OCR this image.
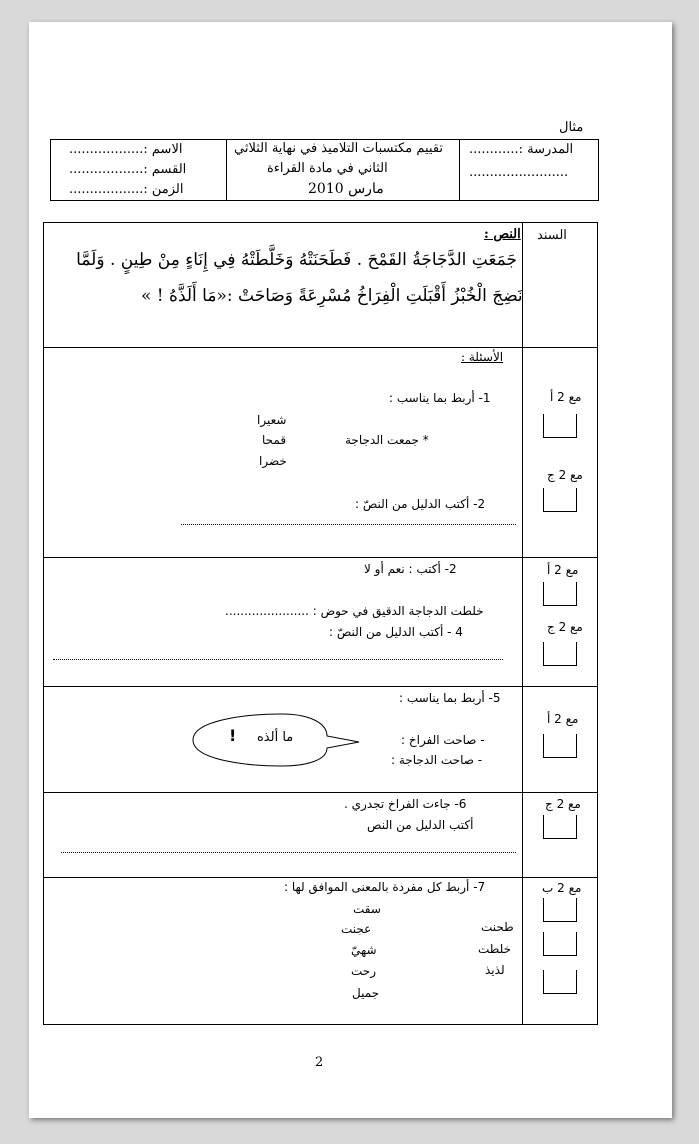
مثال
المدرسة :............
........................
تقييم مكتسبات التلاميذ في نهاية الثلاثي
الثاني في مادة القراءة
مارس 2010
الاسم :..................
القسم :..................
الزمن :..................
السند
النص :
جَمَعَتِ الدَّجَاجَةُ القَمْحَ . فَطَحَنَتْهُ وَخَلَّطَتْهُ فِي إِنَاءٍ مِنْ طِينٍ . وَلَمَّا
نَضِجَ الْخُبْزُ أَقْبَلَتِ الْفِرَاخُ مُسْرِعَةً وَصَاحَتْ :«مَا أَلَذَّهُ ! »
الأسئلة :
1- أربط بما يناسب :
شعيرا
* جمعت الدجاجة
قمحا
خضرا
2- أكتب الدليل من النصّ :
مع 2 أ
مع 2 ج
2- أكتب : نعم أو لا
خلطت الدجاجة الدقيق في حوض : ......................
4 - أكتب الدليل من النصّ :
مع 2 أ
مع 2 ج
5- أربط بما يناسب :
ما ألذه
!	- صاحت الفراخ :
- صاحت الدجاجة :
مع 2 أ
6- جاءت الفراخ تجدري .
أكتب الدليل من النص
مع 2 ج
7- أربط كل مفردة بالمعنى الموافق لها :
طحنت
خلطت
لذيذ
سقت
عجنت
شهيّ
رحت
جميل
مع 2 ب
2
